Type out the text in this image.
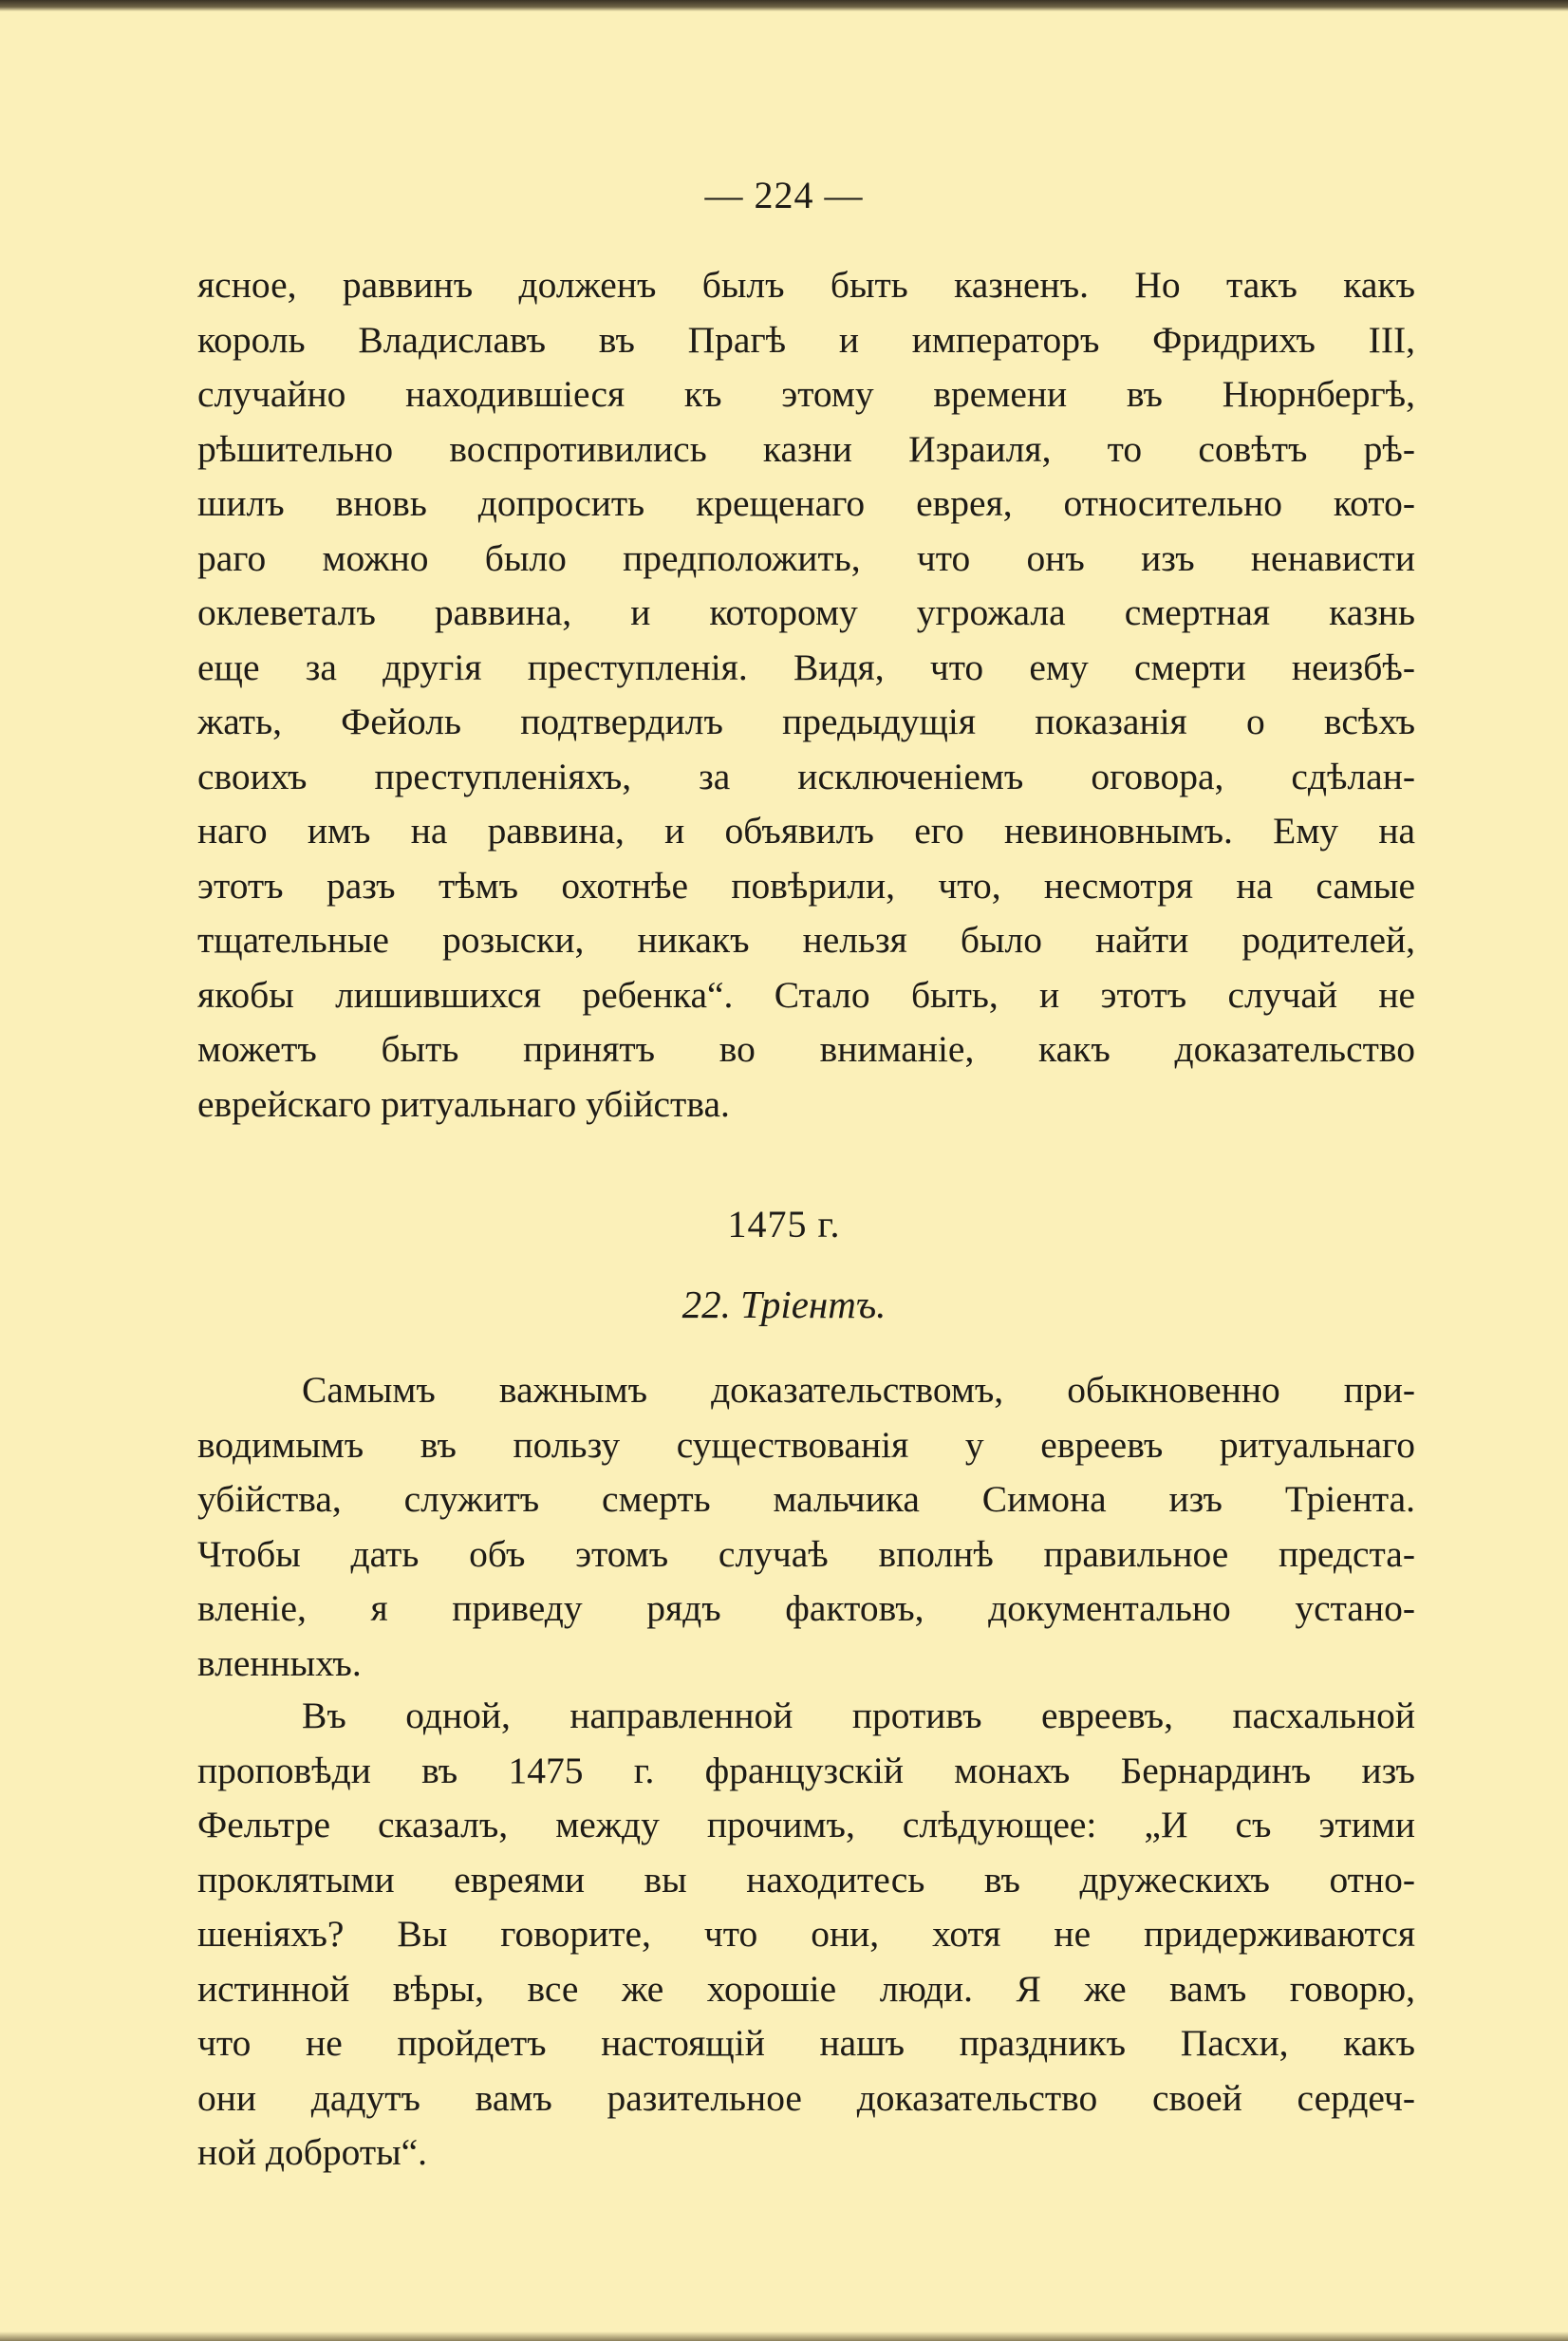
— 224 —
ясное, раввинъ долженъ былъ быть казненъ. Но такъ какъ
король Владиславъ въ Прагѣ и императоръ Фридрихъ III,
случайно находившіеся къ этому времени въ Нюрнбергѣ,
рѣшительно воспротивились казни Израиля, то совѣтъ рѣ-
шилъ вновь допросить крещенаго еврея, относительно кото-
раго можно было предположить, что онъ изъ ненависти
оклеветалъ раввина, и которому угрожала смертная казнь
еще за другія преступленія. Видя, что ему смерти неизбѣ-
жать, Фейоль подтвердилъ предыдущія показанія о всѣхъ
своихъ преступленіяхъ, за исключеніемъ оговора, сдѣлан-
наго имъ на раввина, и объявилъ его невиновнымъ. Ему на
этотъ разъ тѣмъ охотнѣе повѣрили, что, несмотря на самые
тщательные розыски, никакъ нельзя было найти родителей,
якобы лишившихся ребенка“. Стало быть, и этотъ случай не
можетъ быть принятъ во вниманіе, какъ доказательство
еврейскаго ритуальнаго убійства.
1475 г.
22. Тріентъ.
Самымъ важнымъ доказательствомъ, обыкновенно при-
водимымъ въ пользу существованія у евреевъ ритуальнаго
убійства, служитъ смерть мальчика Симона изъ Тріента.
Чтобы дать объ этомъ случаѣ вполнѣ правильное предста-
вленіе, я приведу рядъ фактовъ, документально устано-
вленныхъ.
Въ одной, направленной противъ евреевъ, пасхальной
проповѣди въ 1475 г. французскій монахъ Бернардинъ изъ
Фельтре сказалъ, между прочимъ, слѣдующее: „И съ этими
проклятыми евреями вы находитесь въ дружескихъ отно-
шеніяхъ? Вы говорите, что они, хотя не придерживаются
истинной вѣры, все же хорошіе люди. Я же вамъ говорю,
что не пройдетъ настоящій нашъ праздникъ Пасхи, какъ
они дадутъ вамъ разительное доказательство своей сердеч-
ной доброты“.
